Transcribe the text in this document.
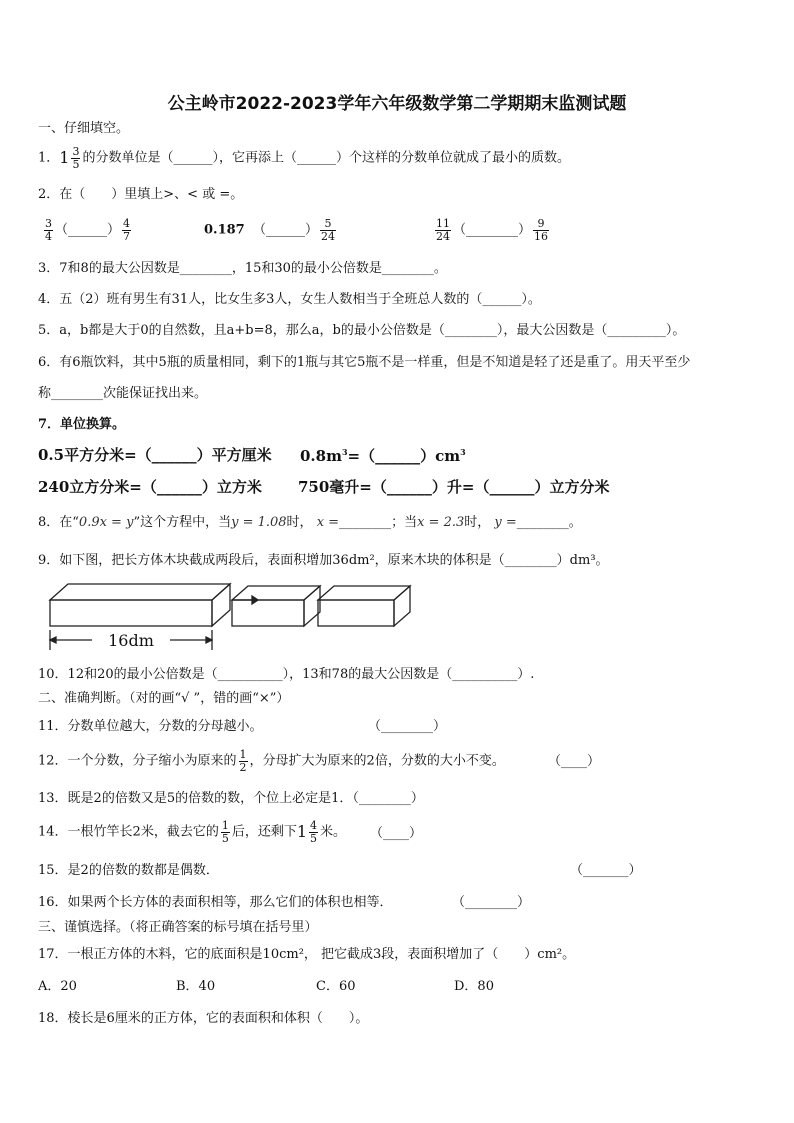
公主岭市2022-2023学年六年级数学第二学期期末监测试题
一、仔细填空。
1．$1 \frac{3}{5}$ 的分数单位是（______），它再添上（______）个这样的分数单位就成了最小的质数。
2．在（　　）里填上>、< 或 =。
$\frac{3}{4}$ （______） $\frac{4}{7}$	0.187 （______） $\frac{5}{24}$	$\frac{11}{24}$ （________） $\frac{9}{16}$
3．7和8的最大公因数是________，15和30的最小公倍数是________。
4．五（2）班有男生有31人，比女生多3人，女生人数相当于全班总人数的（______）。
5．a，b都是大于0的自然数，且a+b=8，那么a，b的最小公倍数是（________），最大公因数是（_________）。
6．有6瓶饮料，其中5瓶的质量相同，剩下的1瓶与其它5瓶不是一样重，但是不知道是轻了还是重了。用天平至少
称________次能保证找出来。
7．单位换算。
0.5平方分米=（______）平方厘米 $0.8m^3=(\_\_\_\_\_\_)cm^3$
240立方分米=（______）立方米 750毫升=（______）升=（______）立方分米
8．在“0.9x = y”这个方程中，当y = 1.08时， x =________；当x = 2.3时， y =________。
9．如下图，把长方体木块截成两段后，表面积增加36dm²，原来木块的体积是（________）dm³。
16dm
10．12和20的最小公倍数是（__________），13和78的最大公因数是（__________）.
二、准确判断。（对的画“√ ”，错的画“×”）
11．分数单位越大，分数的分母越小。	（________）
12．一个分数，分子缩小为原来的 $\frac{1}{2}$ ，分母扩大为原来的2倍，分数的大小不变。	（____）
13．既是2的倍数又是5的倍数的数，个位上必定是1．（________）
14．一根竹竿长2米，截去它的 $\frac{1}{5}$ 后，还剩下$1 \frac{4}{5}$ 米。 （____）
15．是2的倍数的数都是偶数．	（_______）
16．如果两个长方体的表面积相等，那么它们的体积也相等．	（________）
三、谨慎选择。（将正确答案的标号填在括号里）
17．一根正方体的木料，它的底面积是10cm²， 把它截成3段，表面积增加了（　　）cm²。
A．20	B．40	C．60	D．80
18．棱长是6厘米的正方体，它的表面积和体积（　　）。
